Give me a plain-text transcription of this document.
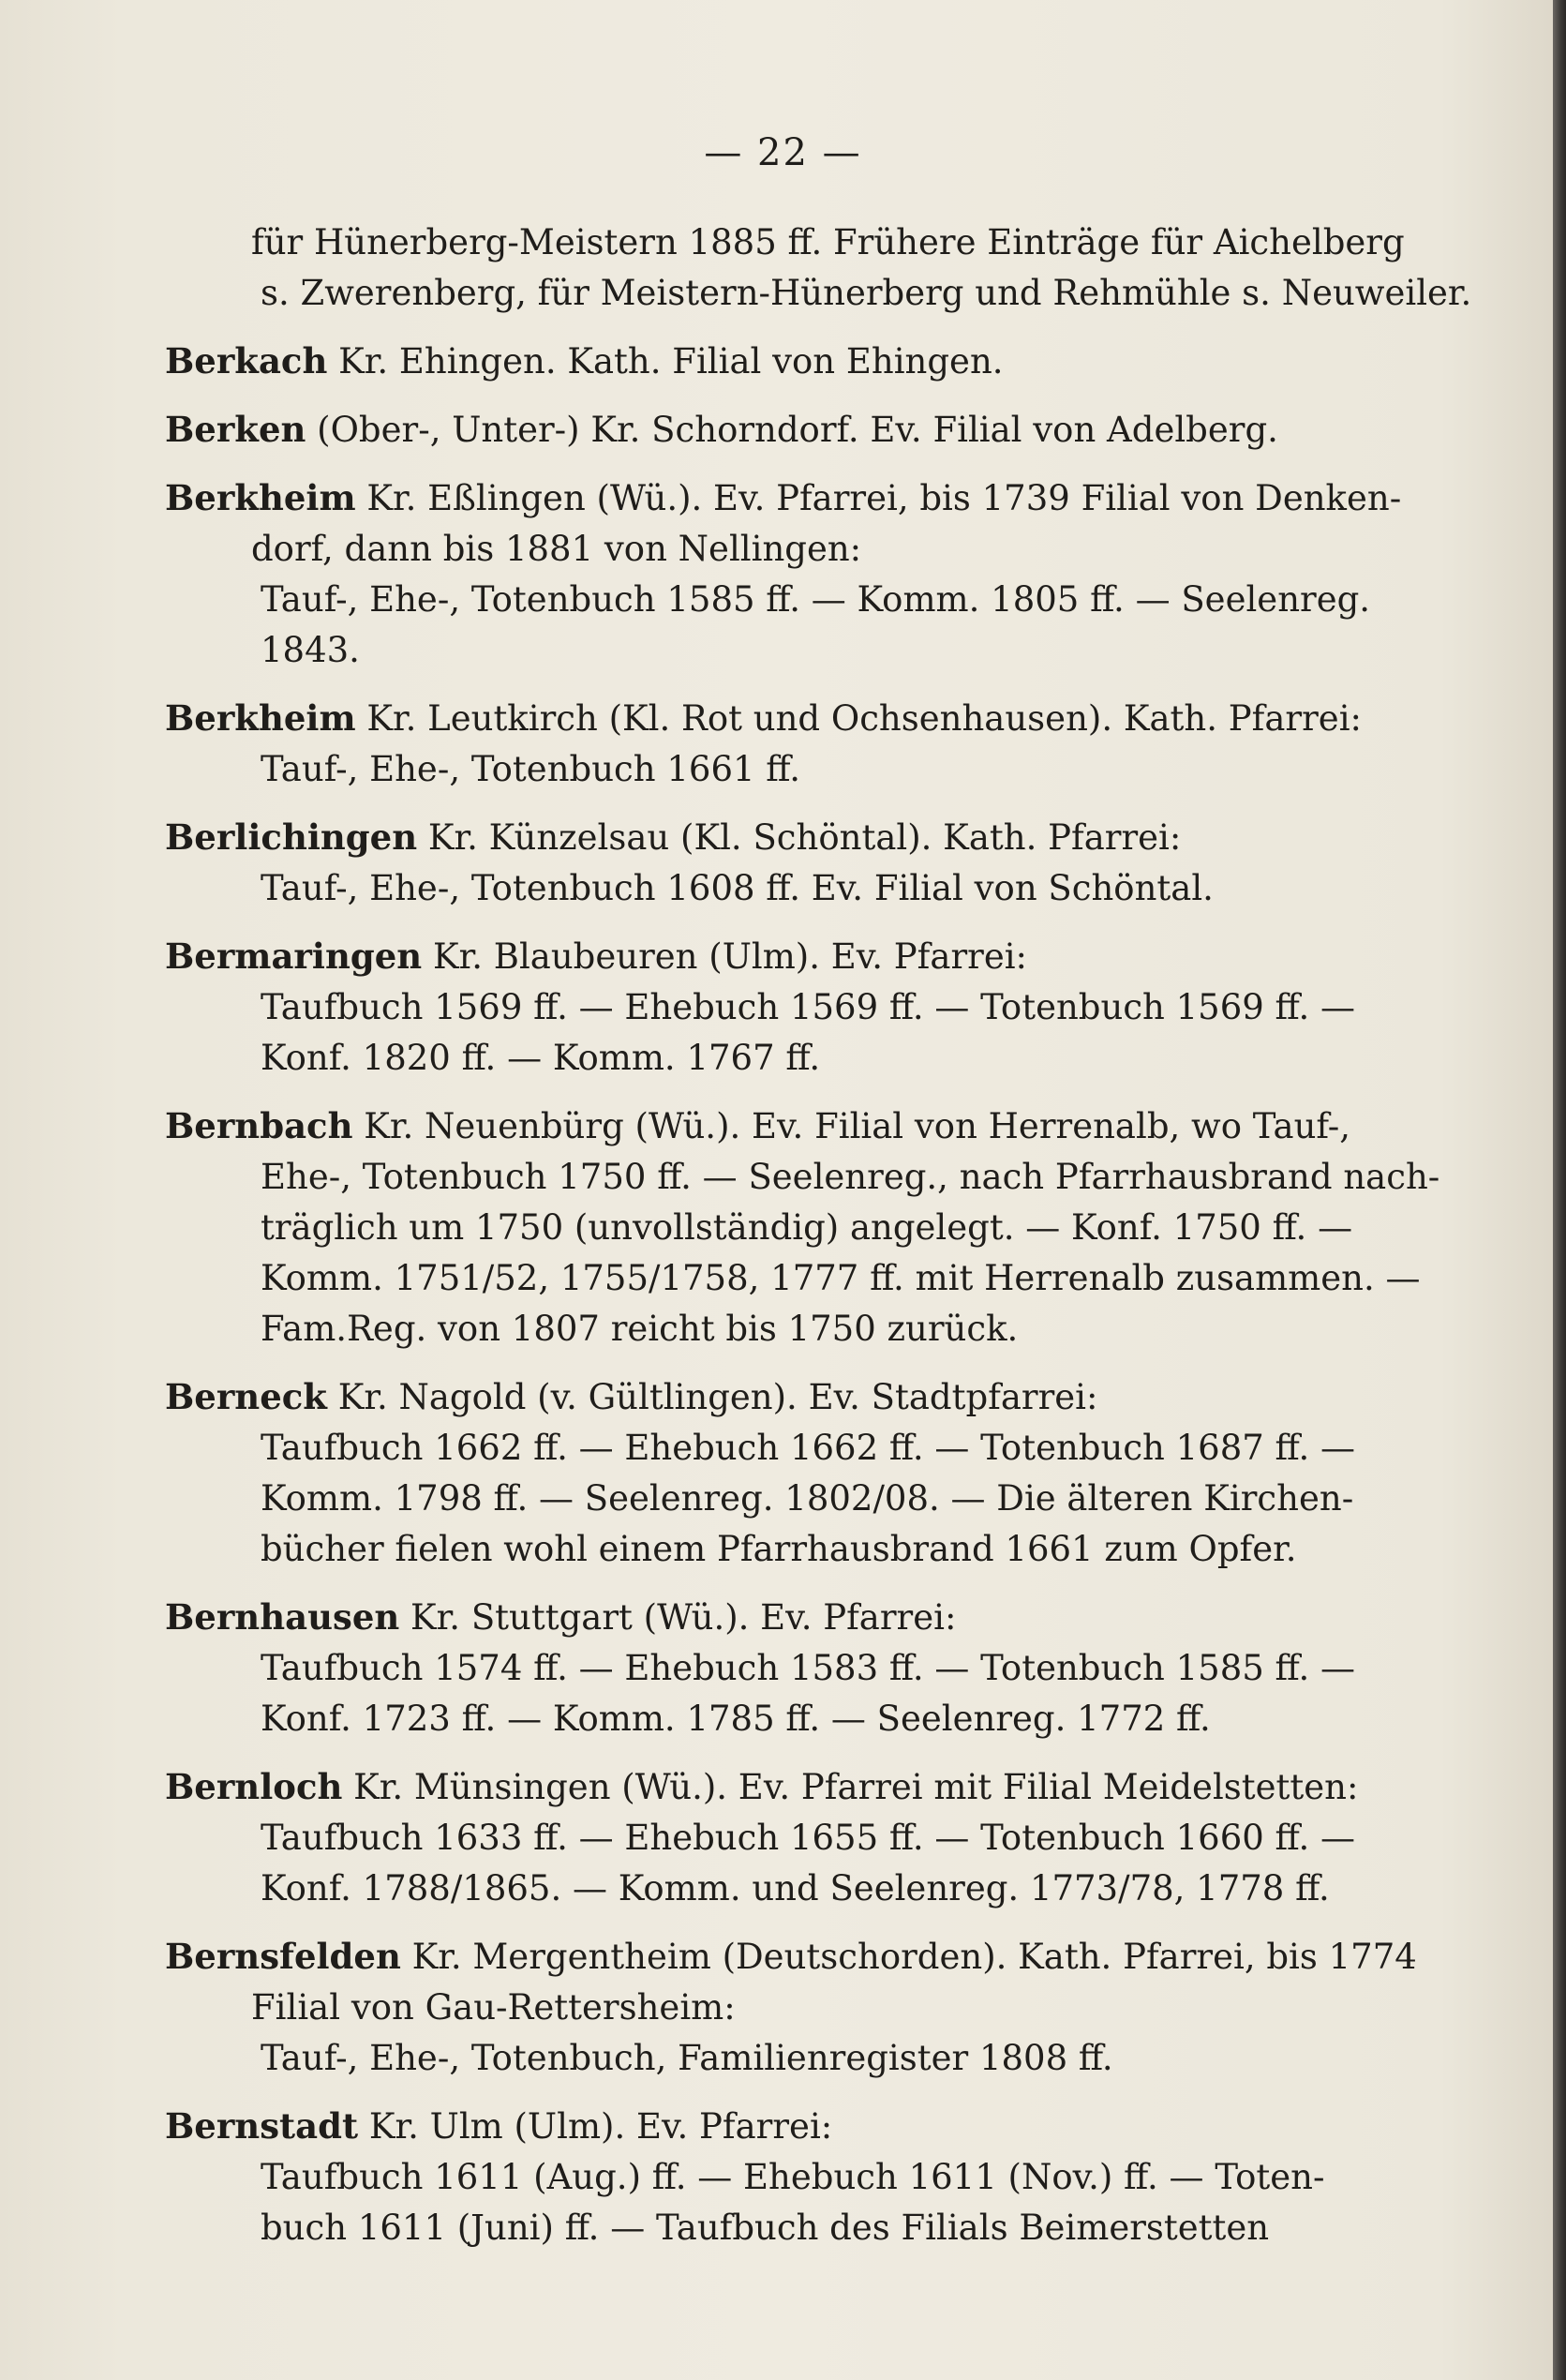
— 22 —
für Hünerberg-Meistern 1885 ff. Frühere Einträge für Aichelberg
s. Zwerenberg, für Meistern-Hünerberg und Rehmühle s. Neuweiler.
Berkach Kr. Ehingen. Kath. Filial von Ehingen.
Berken (Ober-, Unter-) Kr. Schorndorf. Ev. Filial von Adelberg.
Berkheim Kr. Eßlingen (Wü.). Ev. Pfarrei, bis 1739 Filial von Denken-
dorf, dann bis 1881 von Nellingen:
Tauf-, Ehe-, Totenbuch 1585 ff. — Komm. 1805 ff. — Seelenreg.
1843.
Berkheim Kr. Leutkirch (Kl. Rot und Ochsenhausen). Kath. Pfarrei:
Tauf-, Ehe-, Totenbuch 1661 ff.
Berlichingen Kr. Künzelsau (Kl. Schöntal). Kath. Pfarrei:
Tauf-, Ehe-, Totenbuch 1608 ff. Ev. Filial von Schöntal.
Bermaringen Kr. Blaubeuren (Ulm). Ev. Pfarrei:
Taufbuch 1569 ff. — Ehebuch 1569 ff. — Totenbuch 1569 ff. —
Konf. 1820 ff. — Komm. 1767 ff.
Bernbach Kr. Neuenbürg (Wü.). Ev. Filial von Herrenalb, wo Tauf-,
Ehe-, Totenbuch 1750 ff. — Seelenreg., nach Pfarrhausbrand nach-
träglich um 1750 (unvollständig) angelegt. — Konf. 1750 ff. —
Komm. 1751/52, 1755/1758, 1777 ff. mit Herrenalb zusammen. —
Fam.Reg. von 1807 reicht bis 1750 zurück.
Berneck Kr. Nagold (v. Gültlingen). Ev. Stadtpfarrei:
Taufbuch 1662 ff. — Ehebuch 1662 ff. — Totenbuch 1687 ff. —
Komm. 1798 ff. — Seelenreg. 1802/08. — Die älteren Kirchen-
bücher fielen wohl einem Pfarrhausbrand 1661 zum Opfer.
Bernhausen Kr. Stuttgart (Wü.). Ev. Pfarrei:
Taufbuch 1574 ff. — Ehebuch 1583 ff. — Totenbuch 1585 ff. —
Konf. 1723 ff. — Komm. 1785 ff. — Seelenreg. 1772 ff.
Bernloch Kr. Münsingen (Wü.). Ev. Pfarrei mit Filial Meidelstetten:
Taufbuch 1633 ff. — Ehebuch 1655 ff. — Totenbuch 1660 ff. —
Konf. 1788/1865. — Komm. und Seelenreg. 1773/78, 1778 ff.
Bernsfelden Kr. Mergentheim (Deutschorden). Kath. Pfarrei, bis 1774
Filial von Gau-Rettersheim:
Tauf-, Ehe-, Totenbuch, Familienregister 1808 ff.
Bernstadt Kr. Ulm (Ulm). Ev. Pfarrei:
Taufbuch 1611 (Aug.) ff. — Ehebuch 1611 (Nov.) ff. — Toten-
buch 1611 (Juni) ff. — Taufbuch des Filials Beimerstetten
